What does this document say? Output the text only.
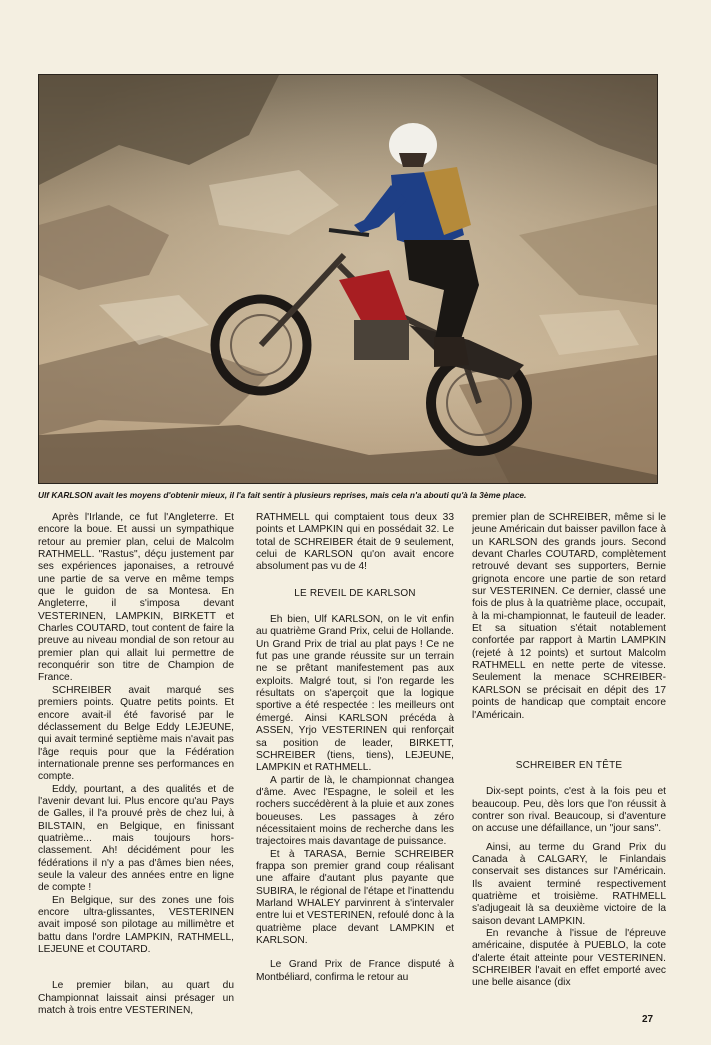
Ulf KARLSON avait les moyens d'obtenir mieux, il l'a fait sentir à plusieurs reprises, mais cela n'a abouti qu'à la 3ème place.

Après l'Irlande, ce fut l'Angleterre. Et encore la boue. Et aussi un sympathique retour au premier plan, celui de Malcolm RATHMELL. "Rastus", déçu justement par ses expériences japonaises, a retrouvé une partie de sa verve en même temps que le guidon de sa Montesa. En Angleterre, il s'imposa devant VESTERINEN, LAMPKIN, BIRKETT et Charles COUTARD, tout content de faire la preuve au niveau mondial de son retour au premier plan qui allait lui permettre de reconquérir son titre de Champion de France.

SCHREIBER avait marqué ses premiers points. Quatre petits points. Et encore avait-il été favorisé par le déclassement du Belge Eddy LEJEUNE, qui avait terminé septième mais n'avait pas l'âge requis pour que la Fédération internationale prenne ses performances en compte.

Eddy, pourtant, a des qualités et de l'avenir devant lui. Plus encore qu'au Pays de Galles, il l'a prouvé près de chez lui, à BILSTAIN, en Belgique, en finissant quatrième... mais toujours hors-classement. Ah! décidément pour les fédérations il n'y a pas d'âmes bien nées, seule la valeur des années entre en ligne de compte !

En Belgique, sur des zones une fois encore ultra-glissantes, VESTERINEN avait imposé son pilotage au millimètre et battu dans l'ordre LAMPKIN, RATHMELL, LEJEUNE et COUTARD.

Le premier bilan, au quart du Championnat laissait ainsi présager un match à trois entre VESTERINEN,

RATHMELL qui comptaient tous deux 33 points et LAMPKIN qui en possédait 32. Le total de SCHREIBER était de 9 seulement, celui de KARLSON qu'on avait encore absolument pas vu de 4!

LE REVEIL DE KARLSON

Eh bien, Ulf KARLSON, on le vit enfin au quatrième Grand Prix, celui de Hollande. Un Grand Prix de trial au plat pays ! Ce ne fut pas une grande réussite sur un terrain ne se prêtant manifestement pas aux exploits. Malgré tout, si l'on regarde les résultats on s'aperçoit que la logique sportive a été respectée : les meilleurs ont émergé. Ainsi KARLSON précéda à ASSEN, Yrjo VESTERINEN qui renforçait sa position de leader, BIRKETT, SCHREIBER (tiens, tiens), LEJEUNE, LAMPKIN et RATHMELL.

A partir de là, le championnat changea d'âme. Avec l'Espagne, le soleil et les rochers succédèrent à la pluie et aux zones boueuses. Les passages à zéro nécessitaient moins de recherche dans les trajectoires mais davantage de puissance.

Et à TARASA, Bernie SCHREIBER frappa son premier grand coup réalisant une affaire d'autant plus payante que SUBIRA, le régional de l'étape et l'inattendu Marland WHALEY parvinrent à s'intervaler entre lui et VESTERINEN, refoulé donc à la quatrième place devant LAMPKIN et KARLSON.

Le Grand Prix de France disputé à Montbéliard, confirma le retour au

premier plan de SCHREIBER, même si le jeune Américain dut baisser pavillon face à un KARLSON des grands jours. Second devant Charles COUTARD, complètement retrouvé devant ses supporters, Bernie grignota encore une partie de son retard sur VESTERINEN. Ce dernier, classé une fois de plus à la quatrième place, occupait, à la mi-championnat, le fauteuil de leader. Et sa situation s'était notablement confortée par rapport à Martin LAMPKIN (rejeté à 12 points) et surtout Malcolm RATHMELL en nette perte de vitesse. Seulement la menace SCHREIBER-KARLSON se précisait en dépit des 17 points de handicap que comptait encore l'Américain.

SCHREIBER EN TÊTE

Dix-sept points, c'est à la fois peu et beaucoup. Peu, dès lors que l'on réussit à contrer son rival. Beaucoup, si d'aventure on accuse une défaillance, un "jour sans".

Ainsi, au terme du Grand Prix du Canada à CALGARY, le Finlandais conservait ses distances sur l'Américain. Ils avaient terminé respectivement quatrième et troisième. RATHMELL s'adjugeait là sa deuxième victoire de la saison devant LAMPKIN.

En revanche à l'issue de l'épreuve américaine, disputée à PUEBLO, la cote d'alerte était atteinte pour VESTERINEN. SCHREIBER l'avait en effet emporté avec une belle aisance (dix

27
